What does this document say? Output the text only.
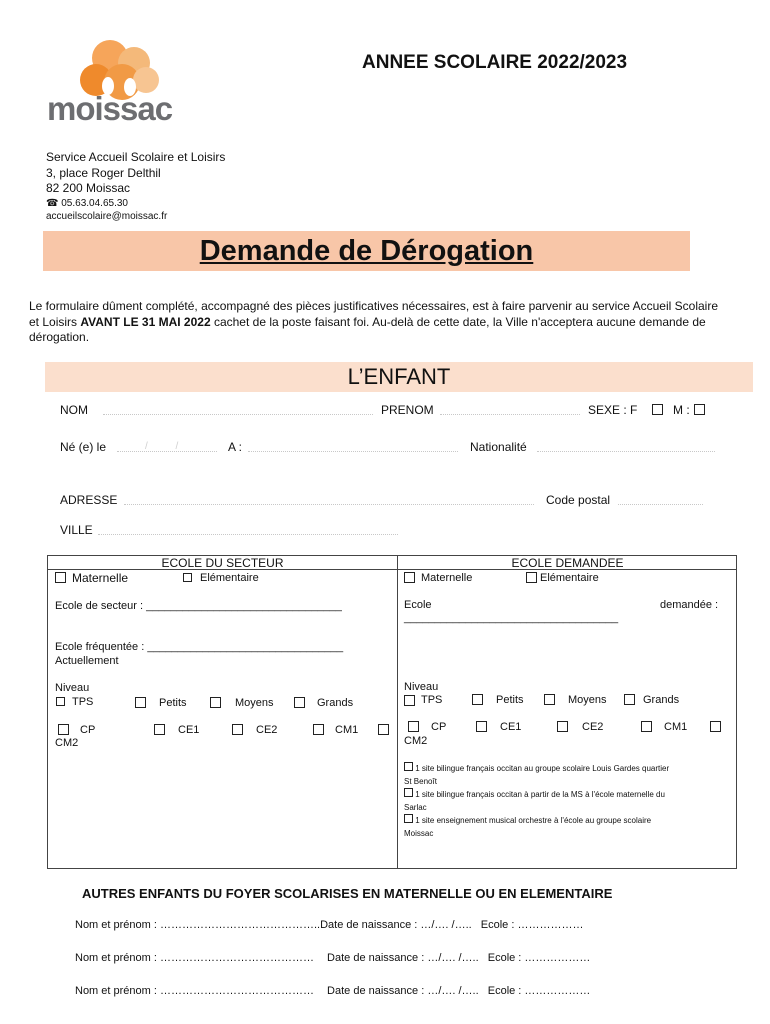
moissac
ANNEE SCOLAIRE 2022/2023
Service Accueil Scolaire et Loisirs
3, place Roger Delthil
82 200 Moissac
☎ 05.63.04.65.30
accueilscolaire@moissac.fr
Demande de Dérogation
Le formulaire dûment complété, accompagné des pièces justificatives nécessaires, est à faire parvenir au service Accueil Scolaire et Loisirs AVANT LE 31 MAI 2022 cachet de la poste faisant foi. Au-delà de cette date, la Ville n'acceptera aucune demande de dérogation.
L’ENFANT
NOM	PRENOM	SEXE : F	M :
Né (e) le	/          /	A :	Nationalité
ADRESSE	Code postal
VILLE
ECOLE DU SECTEUR
Maternelle	Elémentaire
Ecole de secteur : ________________________________
Ecole fréquentée : ________________________________
Actuellement
Niveau
TPS	Petits	Moyens	Grands
CP	CE1	CE2	CM1
CM2
ECOLE DEMANDEE
Maternelle	Elémentaire
Ecole	demandée :
___________________________________
Niveau
TPS	Petits	Moyens	Grands
CP	CE1	CE2	CM1
CM2
1 site bilingue français occitan au groupe scolaire Louis Gardes quartier
St Benoît
1 site bilingue français occitan à partir de la MS à l'école maternelle du
Sarlac
1 site enseignement musical orchestre à l'école au groupe scolaire
Moissac
AUTRES ENFANTS DU FOYER SCOLARISES EN MATERNELLE OU EN ELEMENTAIRE
Nom et prénom : ……………………………………..Date de naissance : …/…. /….. Ecole : ………………
Nom et prénom : …………………………………… Date de naissance : …/…. /….. Ecole : ………………
Nom et prénom : …………………………………… Date de naissance : …/…. /….. Ecole : ………………
